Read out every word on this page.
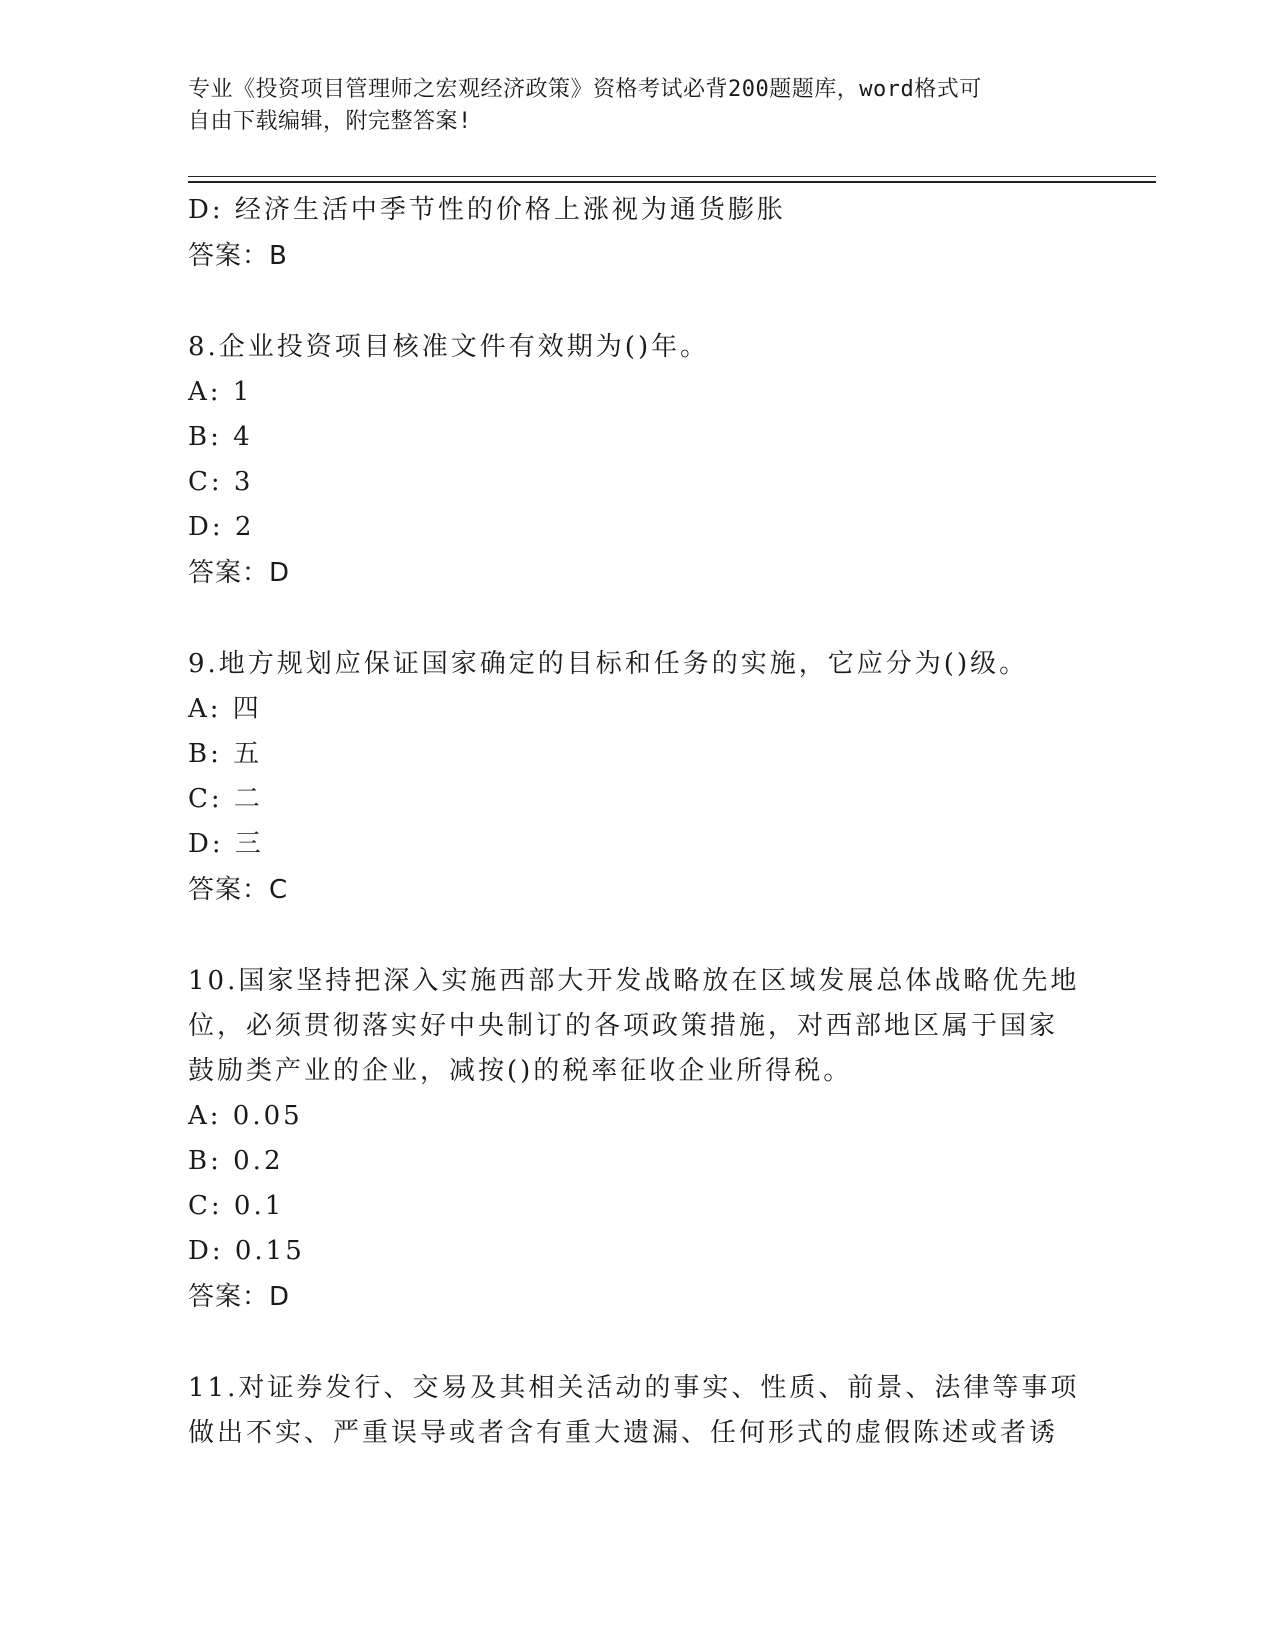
专业《投资项目管理师之宏观经济政策》资格考试必背200题题库，word格式可
自由下载编辑，附完整答案!
D: 经济生活中季节性的价格上涨视为通货膨胀
答案：B
8.企业投资项目核准文件有效期为()年。
A: 1
B: 4
C: 3
D: 2
答案：D
9.地方规划应保证国家确定的目标和任务的实施，它应分为()级。
A: 四
B: 五
C: 二
D: 三
答案：C
10.国家坚持把深入实施西部大开发战略放在区域发展总体战略优先地
位，必须贯彻落实好中央制订的各项政策措施，对西部地区属于国家
鼓励类产业的企业，减按()的税率征收企业所得税。
A: 0.05
B: 0.2
C: 0.1
D: 0.15
答案：D
11.对证券发行、交易及其相关活动的事实、性质、前景、法律等事项
做出不实、严重误导或者含有重大遗漏、任何形式的虚假陈述或者诱
